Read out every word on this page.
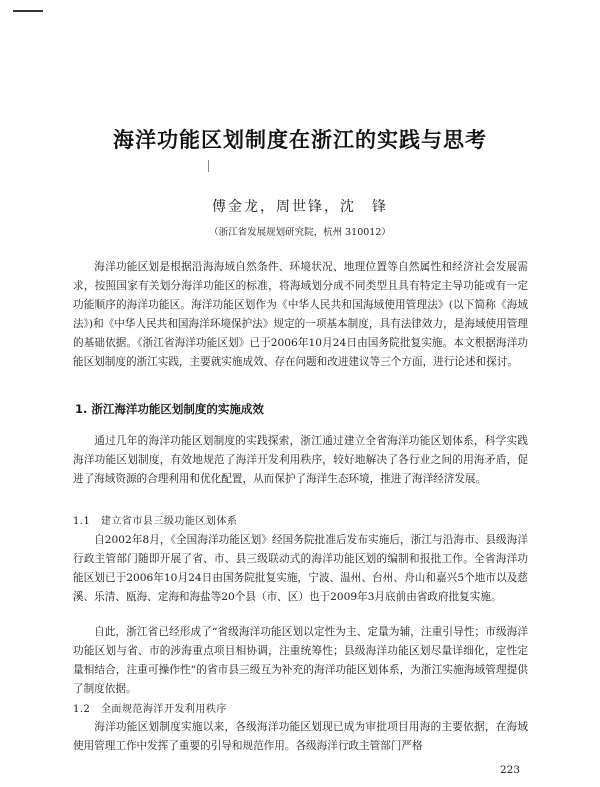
海洋功能区划制度在浙江的实践与思考
傅金龙，周世锋，沈　锋
（浙江省发展规划研究院，杭州 310012）

海洋功能区划是根据沿海海域自然条件、环境状况、地理位置等自然属性和经济社会发展需求，按照国家有关划分海洋功能区的标准，将海域划分成不同类型且具有特定主导功能或有一定功能顺序的海洋功能区。海洋功能区划作为《中华人民共和国海域使用管理法》(以下简称《海域法》)和《中华人民共和国海洋环境保护法》规定的一项基本制度，具有法律效力，是海域使用管理的基础依据。《浙江省海洋功能区划》已于2006年10月24日由国务院批复实施。本文根据海洋功能区划制度的浙江实践，主要就实施成效、存在问题和改进建议等三个方面，进行论述和探讨。

1. 浙江海洋功能区划制度的实施成效

通过几年的海洋功能区划制度的实践探索，浙江通过建立全省海洋功能区划体系，科学实践海洋功能区划制度，有效地规范了海洋开发利用秩序，较好地解决了各行业之间的用海矛盾，促进了海域资源的合理利用和优化配置，从而保护了海洋生态环境，推进了海洋经济发展。

1.1　建立省市县三级功能区划体系

自2002年8月，《全国海洋功能区划》经国务院批准后发布实施后，浙江与沿海市、县级海洋行政主管部门随即开展了省、市、县三级联动式的海洋功能区划的编制和报批工作。全省海洋功能区划已于2006年10月24日由国务院批复实施，宁波、温州、台州、舟山和嘉兴5个地市以及慈溪、乐清、瓯海、定海和海盐等20个县（市、区）也于2009年3月底前由省政府批复实施。

自此，浙江省已经形成了“省级海洋功能区划以定性为主、定量为辅，注重引导性；市级海洋功能区划与省、市的涉海重点项目相协调，注重统筹性；县级海洋功能区划尽量详细化，定性定量相结合，注重可操作性”的省市县三级互为补充的海洋功能区划体系，为浙江实施海域管理提供了制度依据。

1.2　全面规范海洋开发利用秩序

海洋功能区划制度实施以来，各级海洋功能区划现已成为审批项目用海的主要依据，在海域使用管理工作中发挥了重要的引导和规范作用。各级海洋行政主管部门严格

223
